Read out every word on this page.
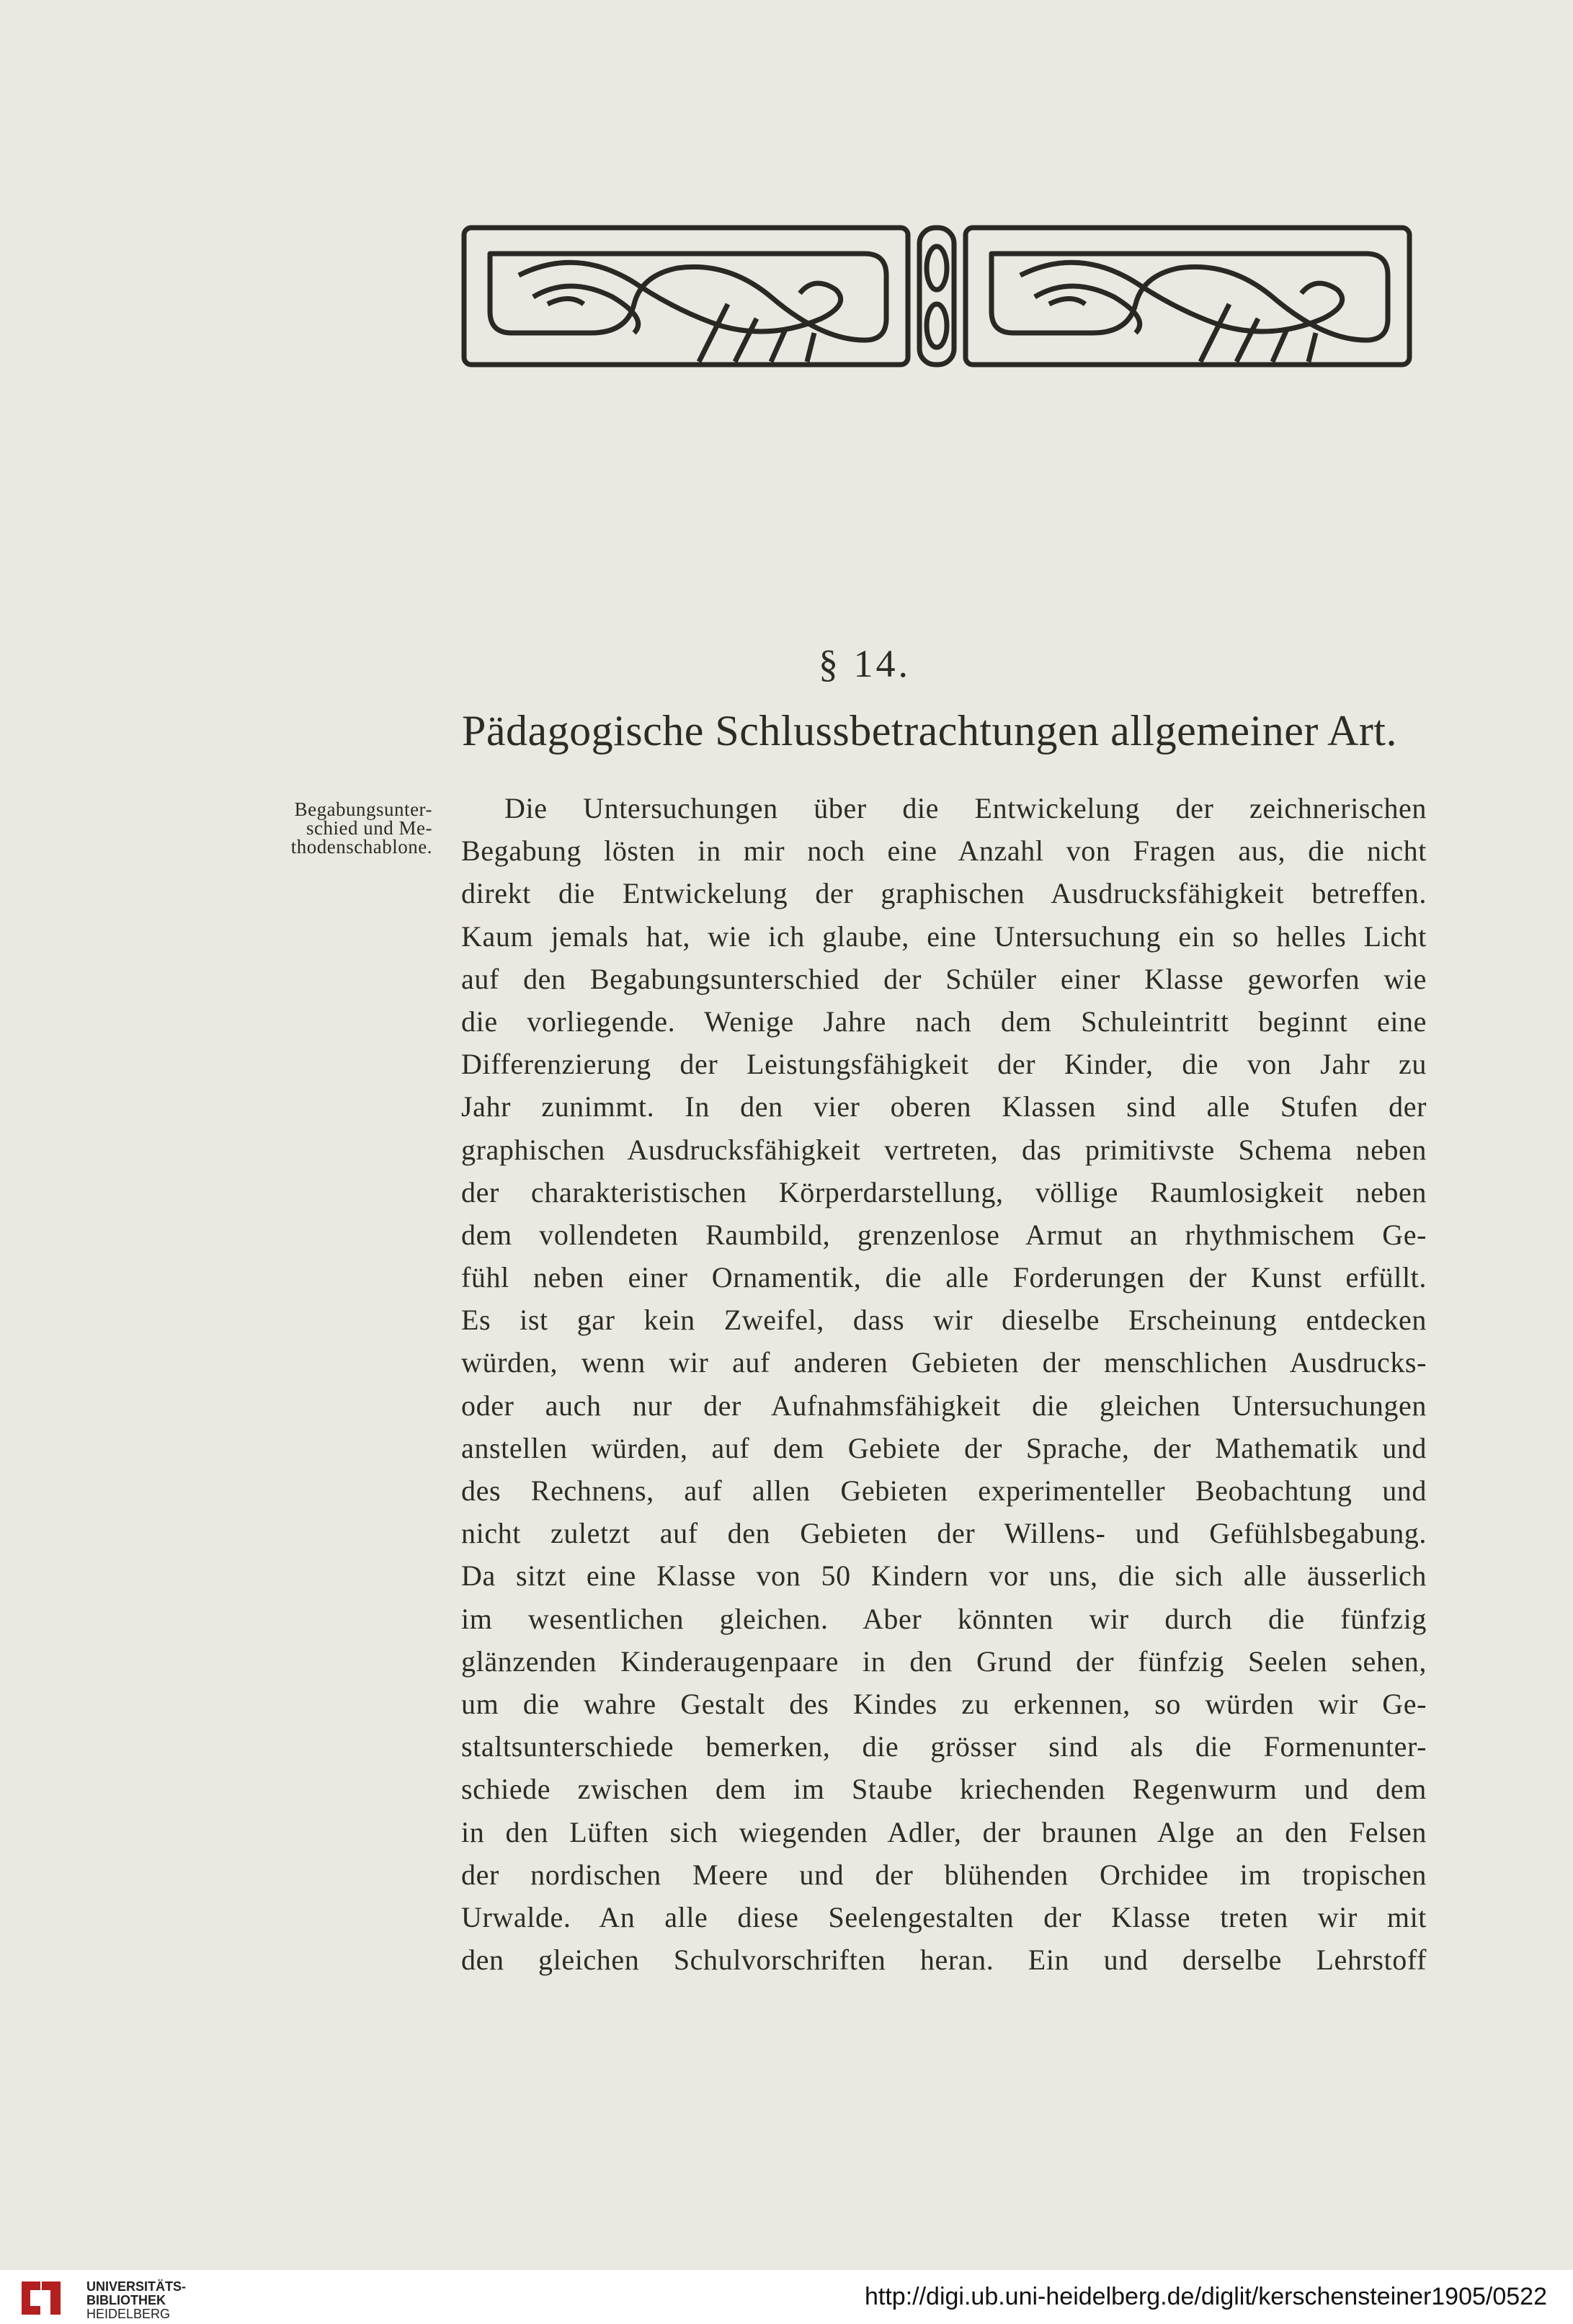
§ 14.
Pädagogische Schlussbetrachtungen allgemeiner Art.
Begabungsunter-
schied und Me-
thodenschablone.
Die Untersuchungen über die Entwickelung der zeichnerischen
Begabung lösten in mir noch eine Anzahl von Fragen aus, die nicht
direkt die Entwickelung der graphischen Ausdrucksfähigkeit betreffen.
Kaum jemals hat, wie ich glaube, eine Untersuchung ein so helles Licht
auf den Begabungsunterschied der Schüler einer Klasse geworfen wie
die vorliegende. Wenige Jahre nach dem Schuleintritt beginnt eine
Differenzierung der Leistungsfähigkeit der Kinder, die von Jahr zu
Jahr zunimmt. In den vier oberen Klassen sind alle Stufen der
graphischen Ausdrucksfähigkeit vertreten, das primitivste Schema neben
der charakteristischen Körperdarstellung, völlige Raumlosigkeit neben
dem vollendeten Raumbild, grenzenlose Armut an rhythmischem Ge-
fühl neben einer Ornamentik, die alle Forderungen der Kunst erfüllt.
Es ist gar kein Zweifel, dass wir dieselbe Erscheinung entdecken
würden, wenn wir auf anderen Gebieten der menschlichen Ausdrucks-
oder auch nur der Aufnahmsfähigkeit die gleichen Untersuchungen
anstellen würden, auf dem Gebiete der Sprache, der Mathematik und
des Rechnens, auf allen Gebieten experimenteller Beobachtung und
nicht zuletzt auf den Gebieten der Willens- und Gefühlsbegabung.
Da sitzt eine Klasse von 50 Kindern vor uns, die sich alle äusserlich
im wesentlichen gleichen. Aber könnten wir durch die fünfzig
glänzenden Kinderaugenpaare in den Grund der fünfzig Seelen sehen,
um die wahre Gestalt des Kindes zu erkennen, so würden wir Ge-
staltsunterschiede bemerken, die grösser sind als die Formenunter-
schiede zwischen dem im Staube kriechenden Regenwurm und dem
in den Lüften sich wiegenden Adler, der braunen Alge an den Felsen
der nordischen Meere und der blühenden Orchidee im tropischen
Urwalde. An alle diese Seelengestalten der Klasse treten wir mit
den gleichen Schulvorschriften heran. Ein und derselbe Lehrstoff
UNIVERSITÄTS-
BIBLIOTHEK
HEIDELBERG
http://digi.ub.uni-heidelberg.de/diglit/kerschensteiner1905/0522
